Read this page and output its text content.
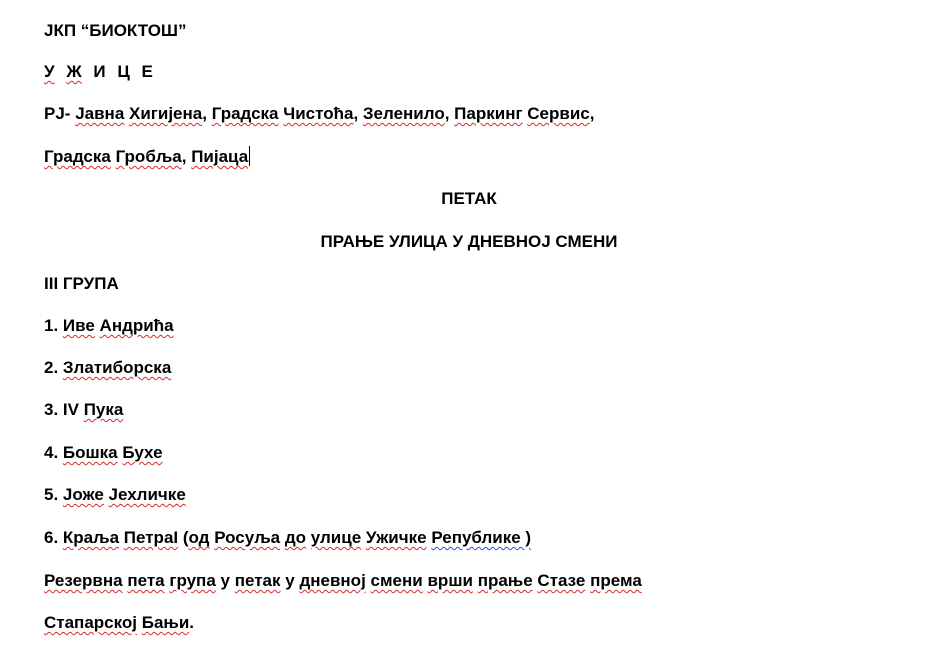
ЈКП “БИОКТОШ”
У Ж И Ц Е
РЈ- Јавна Хигијена, Градска Чистоћа, Зеленило, Паркинг Сервис,
Градска Гробља, Пијаца
ПЕТАК
ПРАЊЕ УЛИЦА У ДНЕВНОЈ СМЕНИ
III ГРУПА
1. Иве Андрића
2. Златиборска
3. IV Пука
4. Бошка Бухе
5. Јоже Јехличке
6. Краља ПетраI (од Росуља до улице Ужичке Републике )
Резервна пета група у петак у дневној смени врши прање Стазе према
Стапарској Бањи.
